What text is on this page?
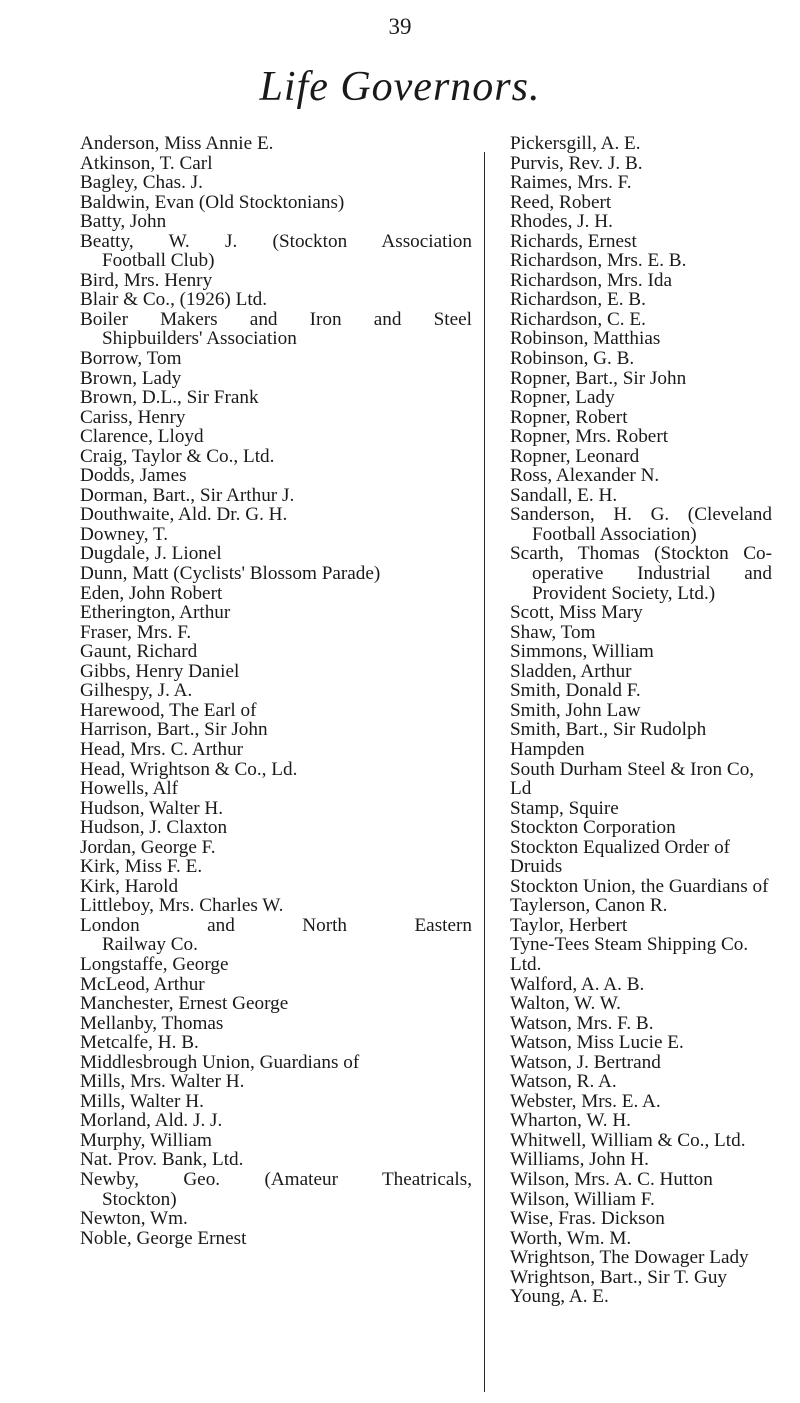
39
Life Governors.
Anderson, Miss Annie E.
Atkinson, T. Carl
Bagley, Chas. J.
Baldwin, Evan (Old Stocktonians)
Batty, John
Beatty, W. J. (Stockton Association
Football Club)
Bird, Mrs. Henry
Blair & Co., (1926) Ltd.
Boiler Makers and Iron and Steel
Shipbuilders' Association
Borrow, Tom
Brown, Lady
Brown, D.L., Sir Frank
Cariss, Henry
Clarence, Lloyd
Craig, Taylor & Co., Ltd.
Dodds, James
Dorman, Bart., Sir Arthur J.
Douthwaite, Ald. Dr. G. H.
Downey, T.
Dugdale, J. Lionel
Dunn, Matt (Cyclists' Blossom Parade)
Eden, John Robert
Etherington, Arthur
Fraser, Mrs. F.
Gaunt, Richard
Gibbs, Henry Daniel
Gilhespy, J. A.
Harewood, The Earl of
Harrison, Bart., Sir John
Head, Mrs. C. Arthur
Head, Wrightson & Co., Ld.
Howells, Alf
Hudson, Walter H.
Hudson, J. Claxton
Jordan, George F.
Kirk, Miss F. E.
Kirk, Harold
Littleboy, Mrs. Charles W.
London and North Eastern
Railway Co.
Longstaffe, George
McLeod, Arthur
Manchester, Ernest George
Mellanby, Thomas
Metcalfe, H. B.
Middlesbrough Union, Guardians of
Mills, Mrs. Walter H.
Mills, Walter H.
Morland, Ald. J. J.
Murphy, William
Nat. Prov. Bank, Ltd.
Newby, Geo. (Amateur Theatricals,
Stockton)
Newton, Wm.
Noble, George Ernest
Pickersgill, A. E.
Purvis, Rev. J. B.
Raimes, Mrs. F.
Reed, Robert
Rhodes, J. H.
Richards, Ernest
Richardson, Mrs. E. B.
Richardson, Mrs. Ida
Richardson, E. B.
Richardson, C. E.
Robinson, Matthias
Robinson, G. B.
Ropner, Bart., Sir John
Ropner, Lady
Ropner, Robert
Ropner, Mrs. Robert
Ropner, Leonard
Ross, Alexander N.
Sandall, E. H.
Sanderson, H. G. (Cleveland
Football Association)
Scarth, Thomas (Stockton Co-
operative Industrial and
Provident Society, Ltd.)
Scott, Miss Mary
Shaw, Tom
Simmons, William
Sladden, Arthur
Smith, Donald F.
Smith, John Law
Smith, Bart., Sir Rudolph Hampden
South Durham Steel & Iron Co, Ld
Stamp, Squire
Stockton Corporation
Stockton Equalized Order of Druids
Stockton Union, the Guardians of
Taylerson, Canon R.
Taylor, Herbert
Tyne-Tees Steam Shipping Co. Ltd.
Walford, A. A. B.
Walton, W. W.
Watson, Mrs. F. B.
Watson, Miss Lucie E.
Watson, J. Bertrand
Watson, R. A.
Webster, Mrs. E. A.
Wharton, W. H.
Whitwell, William & Co., Ltd.
Williams, John H.
Wilson, Mrs. A. C. Hutton
Wilson, William F.
Wise, Fras. Dickson
Worth, Wm. M.
Wrightson, The Dowager Lady
Wrightson, Bart., Sir T. Guy
Young, A. E.
